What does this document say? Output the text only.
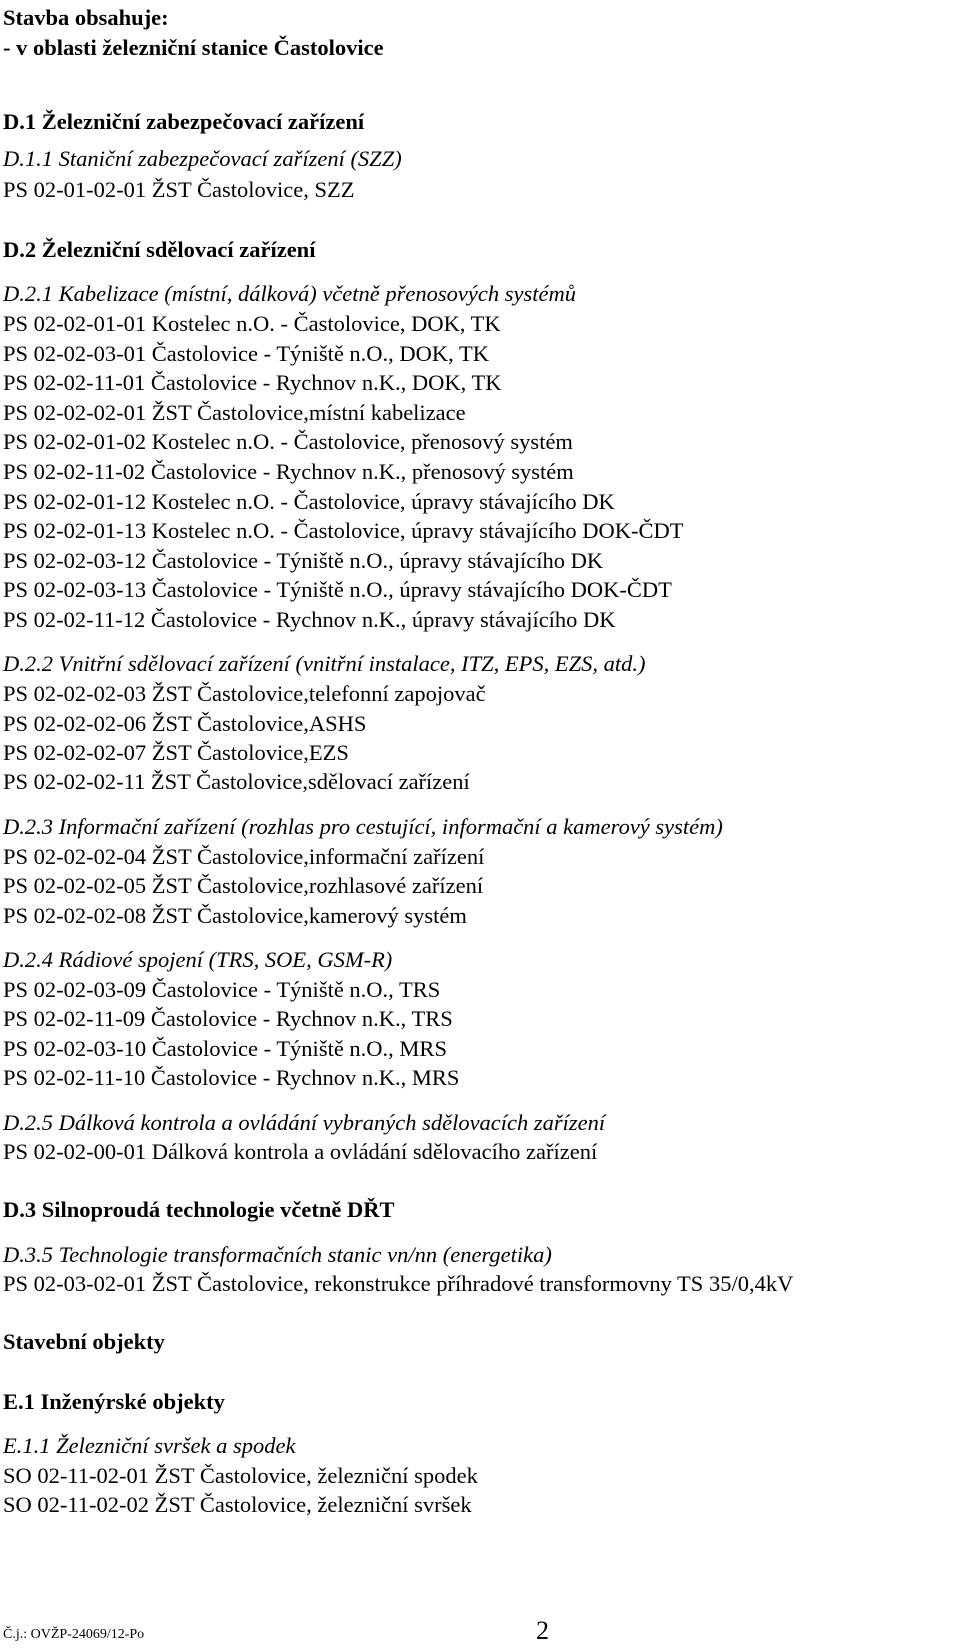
Stavba obsahuje:
- v oblasti železniční stanice Častolovice
D.1 Železniční zabezpečovací zařízení
D.1.1 Staniční zabezpečovací zařízení (SZZ)
PS 02-01-02-01 ŽST Častolovice, SZZ
D.2 Železniční sdělovací zařízení
D.2.1 Kabelizace (místní, dálková) včetně přenosových systémů
PS 02-02-01-01 Kostelec n.O. - Častolovice, DOK, TK
PS 02-02-03-01 Častolovice - Týniště n.O., DOK, TK
PS 02-02-11-01 Častolovice - Rychnov n.K., DOK, TK
PS 02-02-02-01 ŽST Častolovice,místní kabelizace
PS 02-02-01-02 Kostelec n.O. - Častolovice, přenosový systém
PS 02-02-11-02 Častolovice - Rychnov n.K., přenosový systém
PS 02-02-01-12 Kostelec n.O. - Častolovice, úpravy stávajícího DK
PS 02-02-01-13 Kostelec n.O. - Častolovice, úpravy stávajícího DOK-ČDT
PS 02-02-03-12 Častolovice - Týniště n.O., úpravy stávajícího DK
PS 02-02-03-13 Častolovice - Týniště n.O., úpravy stávajícího DOK-ČDT
PS 02-02-11-12 Častolovice - Rychnov n.K., úpravy stávajícího DK
D.2.2 Vnitřní sdělovací zařízení (vnitřní instalace, ITZ, EPS, EZS, atd.)
PS 02-02-02-03 ŽST Častolovice,telefonní zapojovač
PS 02-02-02-06 ŽST Častolovice,ASHS
PS 02-02-02-07 ŽST Častolovice,EZS
PS 02-02-02-11 ŽST Častolovice,sdělovací zařízení
D.2.3 Informační zařízení (rozhlas pro cestující, informační a kamerový systém)
PS 02-02-02-04 ŽST Častolovice,informační zařízení
PS 02-02-02-05 ŽST Častolovice,rozhlasové zařízení
PS 02-02-02-08 ŽST Častolovice,kamerový systém
D.2.4 Rádiové spojení (TRS, SOE, GSM-R)
PS 02-02-03-09 Častolovice - Týniště n.O., TRS
PS 02-02-11-09 Častolovice - Rychnov n.K., TRS
PS 02-02-03-10 Častolovice - Týniště n.O., MRS
PS 02-02-11-10 Častolovice - Rychnov n.K., MRS
D.2.5 Dálková kontrola a ovládání vybraných sdělovacích zařízení
PS 02-02-00-01 Dálková kontrola a ovládání sdělovacího zařízení
D.3 Silnoproudá technologie včetně DŘT
D.3.5 Technologie transformačních stanic vn/nn (energetika)
PS 02-03-02-01 ŽST Častolovice, rekonstrukce příhradové transformovny TS 35/0,4kV
Stavební objekty
E.1 Inženýrské objekty
E.1.1 Železniční svršek a spodek
SO 02-11-02-01 ŽST Častolovice, železniční spodek
SO 02-11-02-02 ŽST Častolovice, železniční svršek
Č.j.: OVŽP-24069/12-Po	2
